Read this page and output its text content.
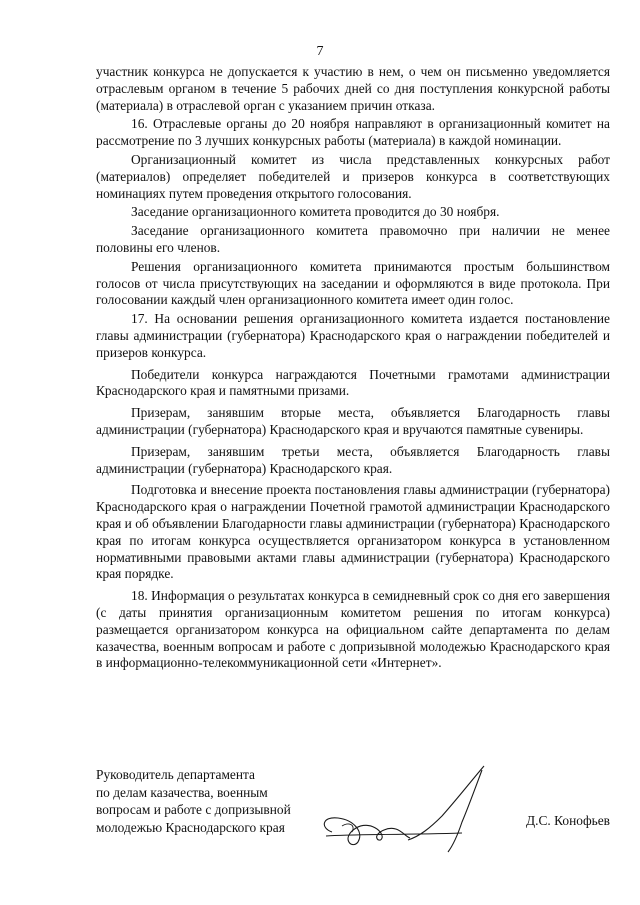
7

участник конкурса не допускается к участию в нем, о чем он письменно уведомляется отраслевым органом в течение 5 рабочих дней со дня поступления конкурсной работы (материала) в отраслевой орган с указанием причин отказа.

16. Отраслевые органы до 20 ноября направляют в организационный комитет на рассмотрение по 3 лучших конкурсных работы (материала) в каждой номинации.

Организационный комитет из числа представленных конкурсных работ (материалов) определяет победителей и призеров конкурса в соответствующих номинациях путем проведения открытого голосования.

Заседание организационного комитета проводится до 30 ноября.

Заседание организационного комитета правомочно при наличии не менее половины его членов.

Решения организационного комитета принимаются простым большинством голосов от числа присутствующих на заседании и оформляются в виде протокола. При голосовании каждый член организационного комитета имеет один голос.

17. На основании решения организационного комитета издается постановление главы администрации (губернатора) Краснодарского края о награждении победителей и призеров конкурса.

Победители конкурса награждаются Почетными грамотами администрации Краснодарского края и памятными призами.

Призерам, занявшим вторые места, объявляется Благодарность главы администрации (губернатора) Краснодарского края и вручаются памятные сувениры.

Призерам, занявшим третьи места, объявляется Благодарность главы администрации (губернатора) Краснодарского края.

Подготовка и внесение проекта постановления главы администрации (губернатора) Краснодарского края о награждении Почетной грамотой администрации Краснодарского края и об объявлении Благодарности главы администрации (губернатора) Краснодарского края по итогам конкурса осуществляется организатором конкурса в установленном нормативными правовыми актами главы администрации (губернатора) Краснодарского края порядке.

18. Информация о результатах конкурса в семидневный срок со дня его завершения (с даты принятия организационным комитетом решения по итогам конкурса) размещается организатором конкурса на официальном сайте департамента по делам казачества, военным вопросам и работе с допризывной молодежью Краснодарского края в информационно-телекоммуникационной сети «Интернет».

Руководитель департамента
по делам казачества, военным
вопросам и работе с допризывной
молодежью Краснодарского края	Д.С. Конофьев
